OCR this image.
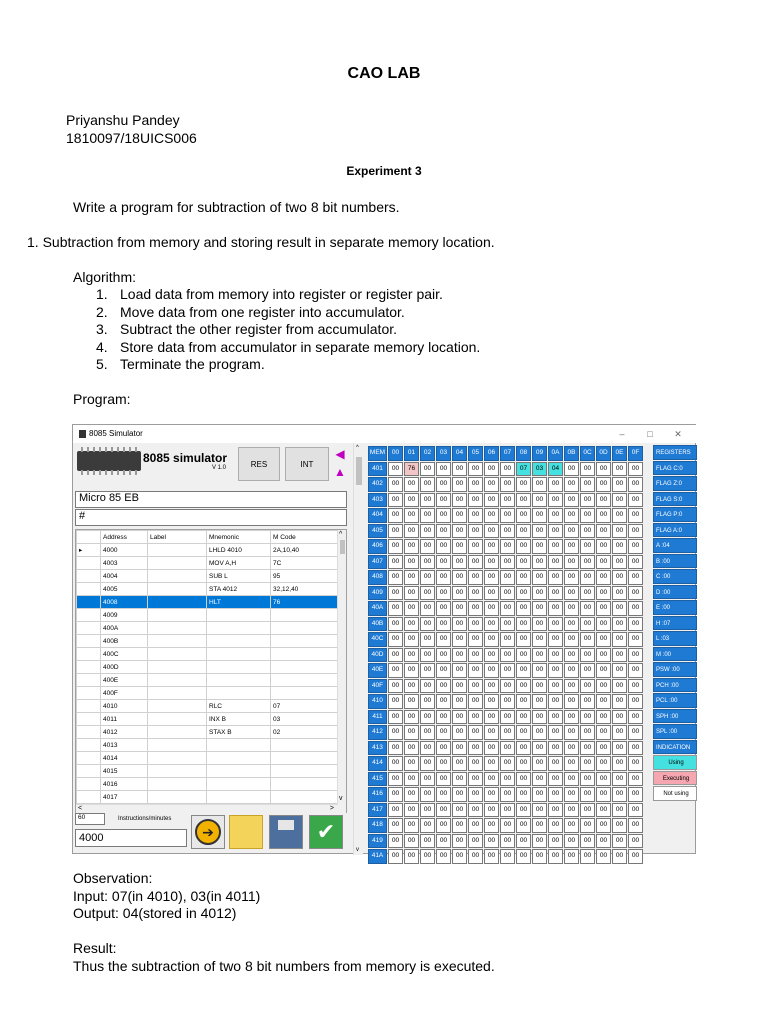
CAO LAB
Priyanshu Pandey
1810097/18UICS006
Experiment 3
Write a program for subtraction of two 8 bit numbers.
1. Subtraction from memory and storing result in separate memory location.
Algorithm:
1. Load data from memory into register or register pair.
2. Move data from one register into accumulator.
3. Subtract the other register from accumulator.
4. Store data from accumulator in separate memory location.
5. Terminate the program.
Program:
8085 Simulator	–	□	✕
8085 simulator
V 1.0	RES	INT
◀
▲
Micro 85 EB
#
	Address	Label	Mnemonic	M Code
▸	4000		LHLD 4010	2A,10,40
	4003		MOV A,H	7C
	4004		SUB L	95
	4005		STA 4012	32,12,40
	4008		HLT	76
	4009			
	400A			
	400B			
	400C			
	400D			
	400E			
	400F			
	4010		RLC	07
	4011		INX B	03
	4012		STAX B	02
	4013			
	4014			
	4015			
	4016			
	4017			
^
v
<	>
60	Instructions/minutes
4000	➔	✔
^
v
MEM	00	01	02	03	04	05	06	07	08	09	0A	0B	0C	0D	0E	0F
401	00	76	00	00	00	00	00	00	07	03	04	00	00	00	00	00
402	00	00	00	00	00	00	00	00	00	00	00	00	00	00	00	00
403	00	00	00	00	00	00	00	00	00	00	00	00	00	00	00	00
404	00	00	00	00	00	00	00	00	00	00	00	00	00	00	00	00
405	00	00	00	00	00	00	00	00	00	00	00	00	00	00	00	00
406	00	00	00	00	00	00	00	00	00	00	00	00	00	00	00	00
407	00	00	00	00	00	00	00	00	00	00	00	00	00	00	00	00
408	00	00	00	00	00	00	00	00	00	00	00	00	00	00	00	00
409	00	00	00	00	00	00	00	00	00	00	00	00	00	00	00	00
40A	00	00	00	00	00	00	00	00	00	00	00	00	00	00	00	00
40B	00	00	00	00	00	00	00	00	00	00	00	00	00	00	00	00
40C	00	00	00	00	00	00	00	00	00	00	00	00	00	00	00	00
40D	00	00	00	00	00	00	00	00	00	00	00	00	00	00	00	00
40E	00	00	00	00	00	00	00	00	00	00	00	00	00	00	00	00
40F	00	00	00	00	00	00	00	00	00	00	00	00	00	00	00	00
410	00	00	00	00	00	00	00	00	00	00	00	00	00	00	00	00
411	00	00	00	00	00	00	00	00	00	00	00	00	00	00	00	00
412	00	00	00	00	00	00	00	00	00	00	00	00	00	00	00	00
413	00	00	00	00	00	00	00	00	00	00	00	00	00	00	00	00
414	00	00	00	00	00	00	00	00	00	00	00	00	00	00	00	00
415	00	00	00	00	00	00	00	00	00	00	00	00	00	00	00	00
416	00	00	00	00	00	00	00	00	00	00	00	00	00	00	00	00
417	00	00	00	00	00	00	00	00	00	00	00	00	00	00	00	00
418	00	00	00	00	00	00	00	00	00	00	00	00	00	00	00	00
419	00	00	00	00	00	00	00	00	00	00	00	00	00	00	00	00
41A	00	00	00	00	00	00	00	00	00	00	00	00	00	00	00	00
REGISTERS
FLAG C:0
FLAG Z:0
FLAG S:0
FLAG P:0
FLAG A:0
A :04
B :00
C :00
D :00
E :00
H :07
L :03
M :00
PSW :00
PCH :00
PCL :00
SPH :00
SPL :00
INDICATION
Using
Executing
Not using
Observation:
Input: 07(in 4010), 03(in 4011)
Output: 04(stored in 4012)
Result:
Thus the subtraction of two 8 bit numbers from memory is executed.
